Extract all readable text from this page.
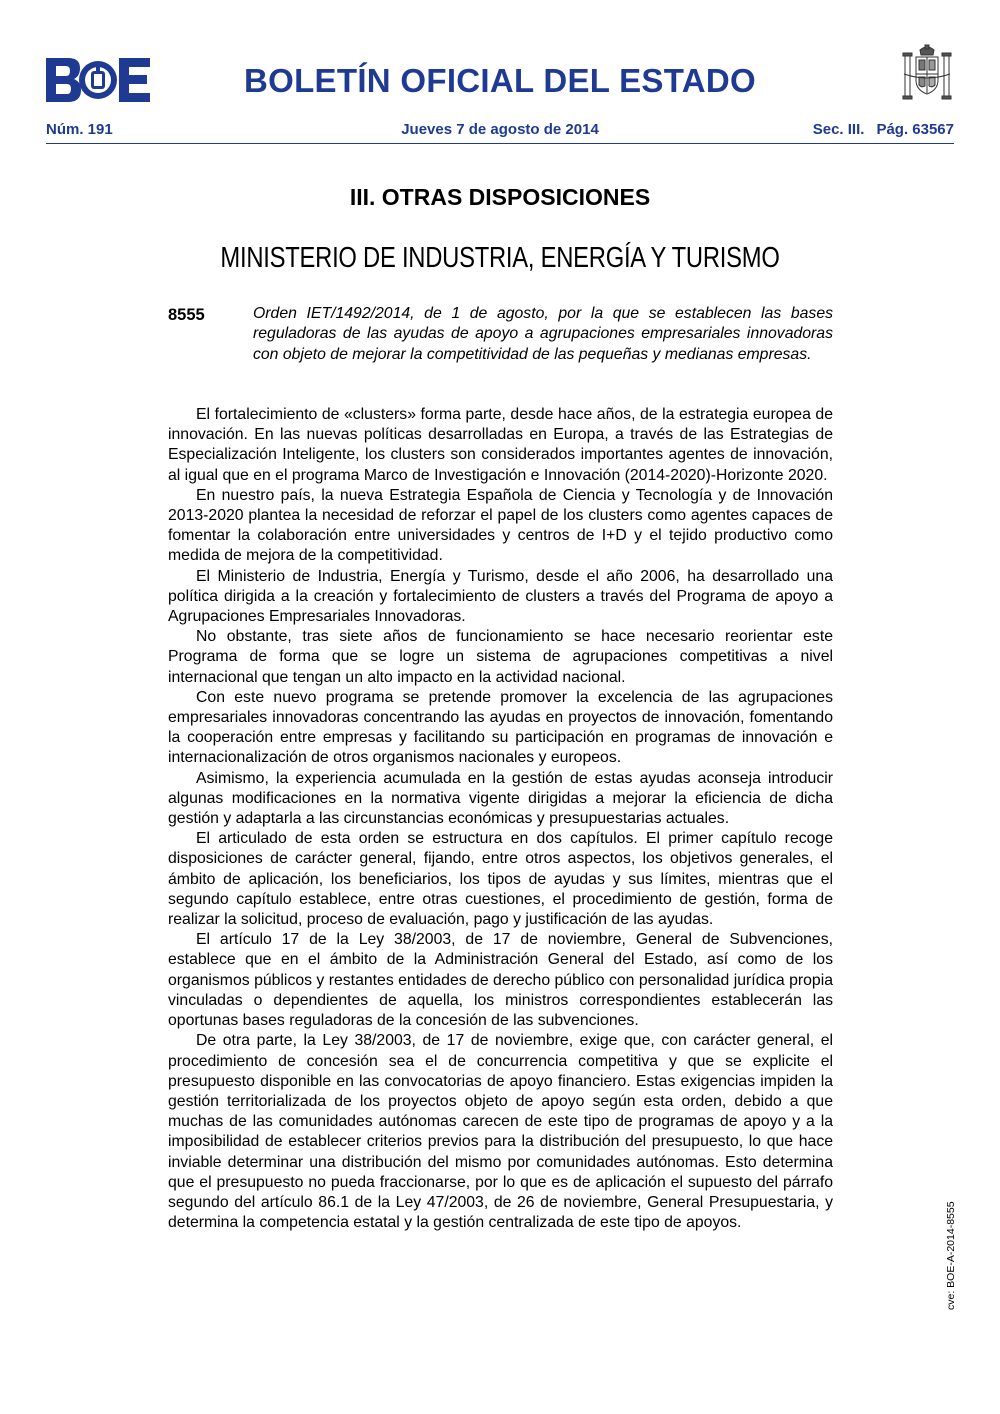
BOLETÍN OFICIAL DEL ESTADO
Jueves 7 de agosto de 2014
Núm. 191	Sec. III. Pág. 63567
III. OTRAS DISPOSICIONES
MINISTERIO DE INDUSTRIA, ENERGÍA Y TURISMO
8555	Orden IET/1492/2014, de 1 de agosto, por la que se establecen las bases reguladoras de las ayudas de apoyo a agrupaciones empresariales innovadoras con objeto de mejorar la competitividad de las pequeñas y medianas empresas.

El fortalecimiento de «clusters» forma parte, desde hace años, de la estrategia europea de innovación. En las nuevas políticas desarrolladas en Europa, a través de las Estrategias de Especialización Inteligente, los clusters son considerados importantes agentes de innovación, al igual que en el programa Marco de Investigación e Innovación (2014-2020)-Horizonte 2020.

En nuestro país, la nueva Estrategia Española de Ciencia y Tecnología y de Innovación 2013-2020 plantea la necesidad de reforzar el papel de los clusters como agentes capaces de fomentar la colaboración entre universidades y centros de I+D y el tejido productivo como medida de mejora de la competitividad.

El Ministerio de Industria, Energía y Turismo, desde el año 2006, ha desarrollado una política dirigida a la creación y fortalecimiento de clusters a través del Programa de apoyo a Agrupaciones Empresariales Innovadoras.

No obstante, tras siete años de funcionamiento se hace necesario reorientar este Programa de forma que se logre un sistema de agrupaciones competitivas a nivel internacional que tengan un alto impacto en la actividad nacional.

Con este nuevo programa se pretende promover la excelencia de las agrupaciones empresariales innovadoras concentrando las ayudas en proyectos de innovación, fomentando la cooperación entre empresas y facilitando su participación en programas de innovación e internacionalización de otros organismos nacionales y europeos.

Asimismo, la experiencia acumulada en la gestión de estas ayudas aconseja introducir algunas modificaciones en la normativa vigente dirigidas a mejorar la eficiencia de dicha gestión y adaptarla a las circunstancias económicas y presupuestarias actuales.

El articulado de esta orden se estructura en dos capítulos. El primer capítulo recoge disposiciones de carácter general, fijando, entre otros aspectos, los objetivos generales, el ámbito de aplicación, los beneficiarios, los tipos de ayudas y sus límites, mientras que el segundo capítulo establece, entre otras cuestiones, el procedimiento de gestión, forma de realizar la solicitud, proceso de evaluación, pago y justificación de las ayudas.

El artículo 17 de la Ley 38/2003, de 17 de noviembre, General de Subvenciones, establece que en el ámbito de la Administración General del Estado, así como de los organismos públicos y restantes entidades de derecho público con personalidad jurídica propia vinculadas o dependientes de aquella, los ministros correspondientes establecerán las oportunas bases reguladoras de la concesión de las subvenciones.

De otra parte, la Ley 38/2003, de 17 de noviembre, exige que, con carácter general, el procedimiento de concesión sea el de concurrencia competitiva y que se explicite el presupuesto disponible en las convocatorias de apoyo financiero. Estas exigencias impiden la gestión territorializada de los proyectos objeto de apoyo según esta orden, debido a que muchas de las comunidades autónomas carecen de este tipo de programas de apoyo y a la imposibilidad de establecer criterios previos para la distribución del presupuesto, lo que hace inviable determinar una distribución del mismo por comunidades autónomas. Esto determina que el presupuesto no pueda fraccionarse, por lo que es de aplicación el supuesto del párrafo segundo del artículo 86.1 de la Ley 47/2003, de 26 de noviembre, General Presupuestaria, y determina la competencia estatal y la gestión centralizada de este tipo de apoyos.	cve: BOE-A-2014-8555
